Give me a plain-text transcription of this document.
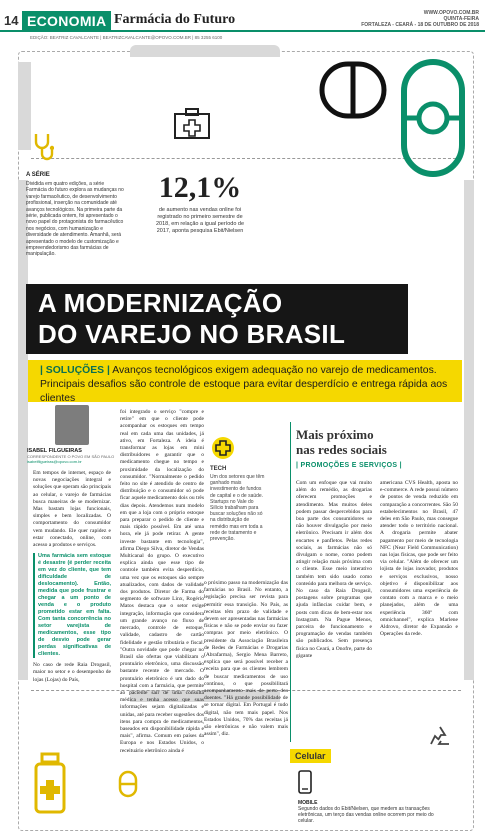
14 ECONOMIA Farmácia do Futuro	WWW.OPOVO.COM.BR
QUINTA-FEIRA
FORTALEZA - CEARÁ - 18 DE OUTUBRO DE 2018
EDIÇÃO: BEATRIZ CAVALCANTE | BEATRIZCAVALCANTE@OPOVO.COM.BR | 85 3255 6100
A SÉRIE
Dividida em quatro edições, a série Farmácia do futuro explora as mudanças no varejo farmacêutico, de desenvolvimento profissional, inserção na comunidade até avanços tecnológicos. Na primeira parte da série, publicada ontem, foi apresentado o novo papel do protagonista do farmacêutico nos negócios, com humanização e diversidade de atendimento. Amanhã, será apresentado o modelo de customização e empreendedorismo das farmácias de manipulação.
12,1%
de aumento nas vendas online foi registrado no primeiro semestre de 2018, em relação a igual período de 2017, aponta pesquisa Ebit/Nielsen
A MODERNIZAÇÃO
DO VAREJO NO BRASIL
| SOLUÇÕES | Avanços tecnológicos exigem adequação no varejo de medicamentos. Principais desafios são controle de estoque para evitar desperdício e entrega rápida aos clientes
ISABEL FILGUEIRAS
CORRESPONDENTE O POVO EM SÃO PAULO
isabelfilgueiras@opovo.com.br

Em tempos de internet, espaço de novas negociações integral e soluções que operam são principais ao celular, o varejo de farmácias busca maneiras de se modernizar. Mas bastam lojas funcionais, simples e bem localizadas. O comportamento do consumidor vem mudando. Ele quer rapidez e estar conectado, online, com acesso a produtos e serviços.

Uma farmácia sem estoque é desastre (é perder receita em vez do cliente, que tem dificuldade de deslocamento). Então, medida que pode frustrar e chegar a um ponto de venda e o produto prometido estar em falta. Com tanta concorrência no setor varejista de medicamentos, esse tipo de desvio pode gerar perdas significativas de clientes.

No caso de rede Raia Drogasil, maior no setor e o desempenho de lojas (Lojas) do País,

foi integrado o serviço "compre e retire" em que o cliente pode acompanhar os estoques em tempo real em cada uma das unidades, já ativo, em Fortaleza. A ideia é transformar as lojas em mini distribuidores e garantir que o medicamento chegue no tempo e proximidade da localização do consumidor. "Normalmente o pedido feito no site é atendido de centro de distribuição e o consumidor só pode ficar aquele medicamento dois ou três dias depois. Atendemos num modelo em que a loja com o próprio estoque para preparar o pedido de cliente e mais rápido possível. Em até uma hora, ele já pode retirar. A gente investe bastante em tecnologia", afirma Diego Silva, diretor de Vendas Multicanal do grupo. O executivo explica ainda que esse tipo de controle também evita desperdício, uma vez que os estoques são sempre atualizados, com dados de validade dos produtos. Diretor de Farma do segmento de software Linx, Rogério Matos destaca que o setor exige integração, informação que considera um grande avanço no fluxo de mercado, controle de estoque, validade, cadastro de cartão fidelidade e gestão tributária e fiscal. "Outra novidade que pode chegar no Brasil são ofertas que viabilizam o prontuário eletrônico, uma discussão bastante recente de mercado. O prontuário eletrônico é um dado do hospital com a farmácia, que permite ao paciente sair de uma consulta médica e tenha acesso que suas informações sejam digitalizadas e unidas, até para receber sugestões dos itens para compra de medicamentos, baseados em disponibilidade rápida e mais", afirma. Comum em países da Europa e nos Estados Unidos, o receituário eletrônico ainda é

TECH
Um dos setores que têm ganhado mais investimento de fundos de capital e o de saúde. Startups no Vale do Silício trabalham para buscar soluções não só na distribuição de remédio mas em toda a rede de tratamento e prevenção.

o próximo passo na modernização das farmácias no Brasil. No entanto, a legislação precisa ser revista para permitir essa transição. No País, as receitas têm prazo de validade e devem ser apresentadas nas farmácias físicas e não se pode enviar ou fazer compras por meio eletrônico. O presidente da Associação Brasileira de Redes de Farmácias e Drogarias (Abrafarma), Sergio Mena Barreto, explica que será possível receber a receita para que os clientes lembrem de buscar medicamentos de uso contínuo, o que possibilitará acompanhamento mais de perto dos doentes. "Há grande possibilidade de se tornar digital. Em Portugal é tudo digital, não tem mais papel. Nos Estados Unidos, 70% das receitas já são eletrônicas e não valem mais assim", diz.

Mais próximo
nas redes sociais
| PROMOÇÕES E SERVIÇOS |

Com um enfoque que vai muito além do remédio, as drogarias oferecem promoções e atendimento. Mas muitos deles podem passar despercebidos para boa parte dos consumidores se não houver divulgação por meio eletrônico. Precisam ir além dos encartes e panfletos. Pelas redes sociais, as farmácias não só divulgam o nome, como podem atingir relação mais próxima com o cliente. Esse meio interativo também tem sido usado como conteúdo para melhora de serviço. No caso da Raia Drogasil, postagens sobre programas que ajuda infâncias cuidar bem, e posts com dicas de bem-estar nos Instagram. Na Pague Menos, parceira de funcionamento e programação de vendas também são publicados. Sem presença física no Ceará, a Onofre, parte do gigante

americana CVS Health, aposta no e-commerce. A rede possui número de pontos de venda reduzido em comparação a concorrentes. São 50 estabelecimentos no Brasil, 47 deles em São Paulo, mas consegue atender todo o território nacional. A drogaria permite abater pagamento por meio de tecnologia NFC (Near Field Communication) nas lojas físicas, que pode ser feito via celular. "Além de oferecer um lojista de lojas inovador, produtos e serviços exclusivos, nosso objetivo é disponibilizar aos consumidores uma experiência de contato com a marca e o meio planejados, além de uma experiência 360º com omnichannel", explica Marlene Aldrovo, diretor de Expansão e Operações da rede.

Celular
MOBILE
Segundo dados do Ebit/Nielsen, que medem as transações eletrônicas, um terço das vendas online ocorrem por meio do celular.
